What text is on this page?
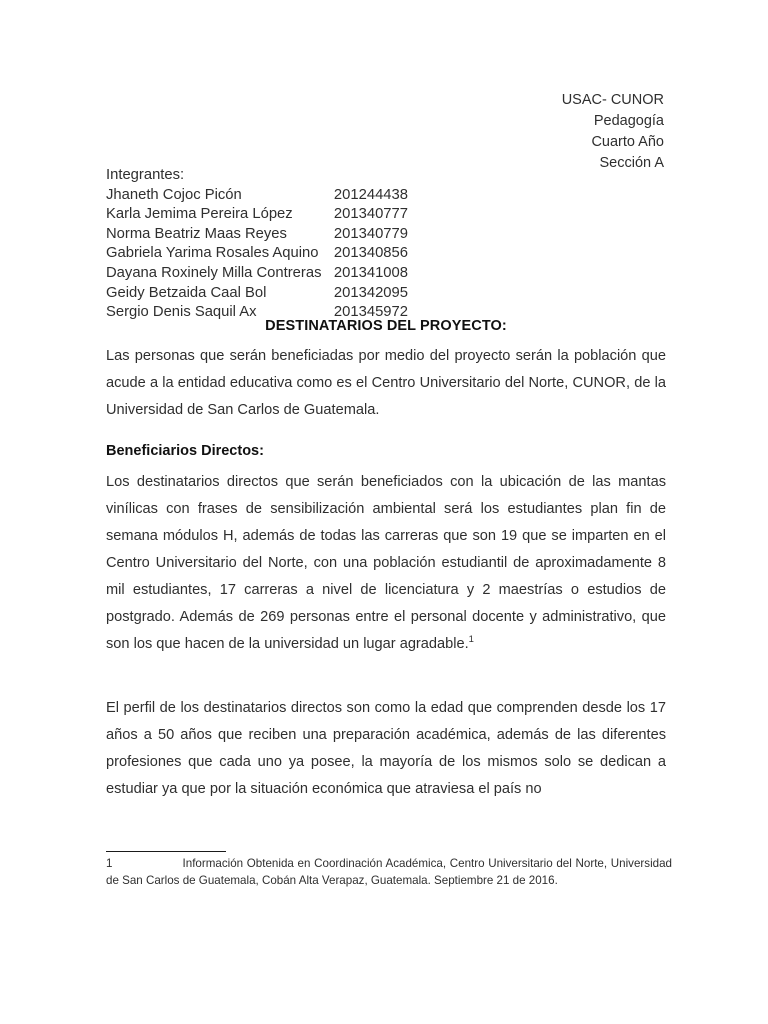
USAC- CUNOR
Pedagogía
Cuarto Año
Sección A
Integrantes:
Jhaneth Cojoc Picón	201244438
Karla Jemima Pereira López	201340777
Norma Beatriz Maas Reyes	201340779
Gabriela Yarima Rosales Aquino	201340856
Dayana Roxinely Milla Contreras 201341008
Geidy Betzaida Caal Bol	201342095
Sergio Denis Saquil Ax	201345972
DESTINATARIOS DEL PROYECTO:

Las personas que serán beneficiadas por medio del proyecto serán la población que acude a la entidad educativa como es el Centro Universitario del Norte, CUNOR, de la Universidad de San Carlos de Guatemala.

Beneficiarios Directos:

Los destinatarios directos que serán beneficiados con la ubicación de las mantas vinílicas con frases de sensibilización ambiental será los estudiantes plan fin de semana módulos H, además de todas las carreras que son 19 que se imparten en el Centro Universitario del Norte, con una población estudiantil de aproximadamente 8 mil estudiantes, 17 carreras a nivel de licenciatura y 2 maestrías o estudios de postgrado. Además de 269 personas entre el personal docente y administrativo, que son los que hacen de la universidad un lugar agradable.$^1$

El perfil de los destinatarios directos son como la edad que comprenden desde los 17 años a 50 años que reciben una preparación académica, además de las diferentes profesiones que cada uno ya posee, la mayoría de los mismos solo se dedican a estudiar ya que por la situación económica que atraviesa el país no

1	Información Obtenida en Coordinación Académica, Centro Universitario del Norte, Universidad de San Carlos de Guatemala, Cobán Alta Verapaz, Guatemala. Septiembre 21 de 2016.
